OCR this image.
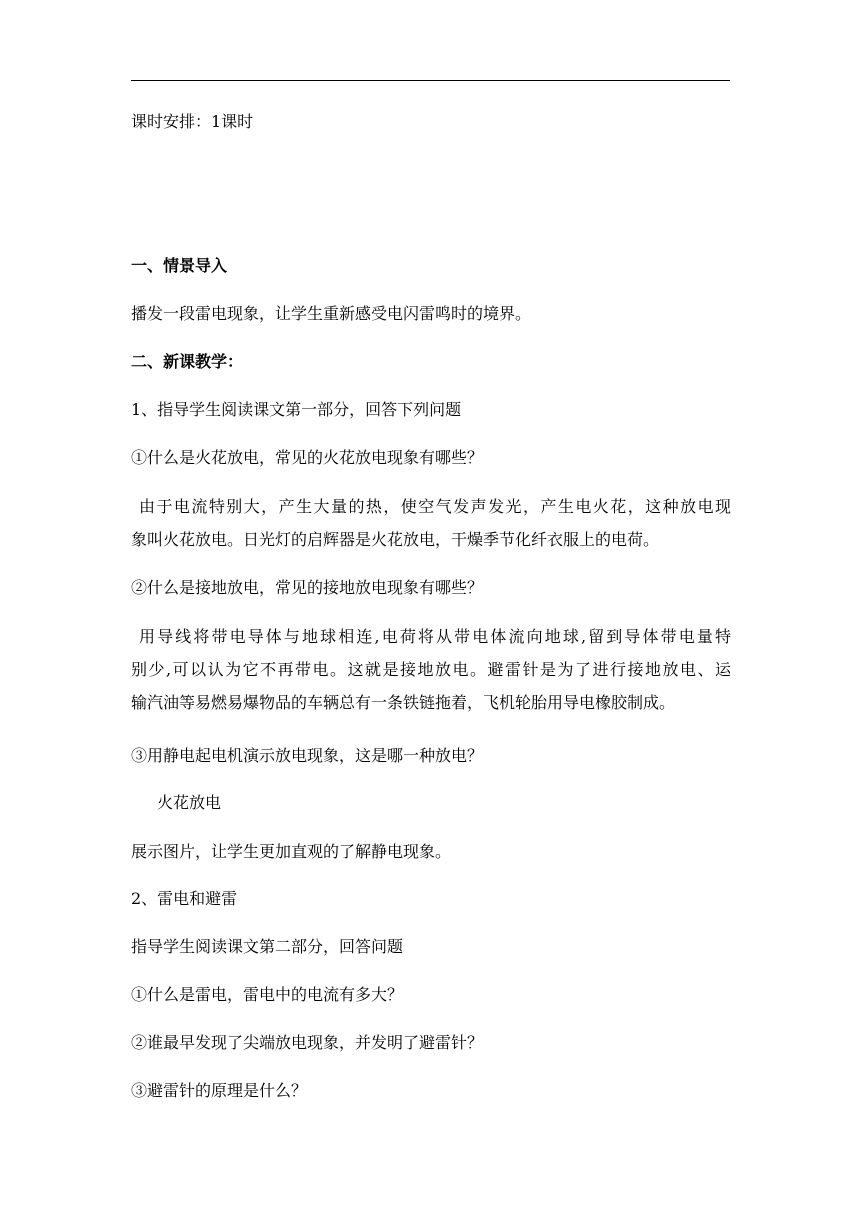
课时安排：1课时
一、情景导入
播发一段雷电现象，让学生重新感受电闪雷鸣时的境界。
二、新课教学：
1、指导学生阅读课文第一部分，回答下列问题
①什么是火花放电，常见的火花放电现象有哪些？
由于电流特别大，产生大量的热，使空气发声发光，产生电火花，这种放电现
象叫火花放电。日光灯的启辉器是火花放电，干燥季节化纤衣服上的电荷。
②什么是接地放电，常见的接地放电现象有哪些？
用导线将带电导体与地球相连,电荷将从带电体流向地球,留到导体带电量特
别少,可以认为它不再带电。这就是接地放电。避雷针是为了进行接地放电、运
输汽油等易燃易爆物品的车辆总有一条铁链拖着，飞机轮胎用导电橡胶制成。
③用静电起电机演示放电现象，这是哪一种放电？
火花放电
展示图片，让学生更加直观的了解静电现象。
2、雷电和避雷
指导学生阅读课文第二部分，回答问题
①什么是雷电，雷电中的电流有多大？
②谁最早发现了尖端放电现象，并发明了避雷针？
③避雷针的原理是什么？
